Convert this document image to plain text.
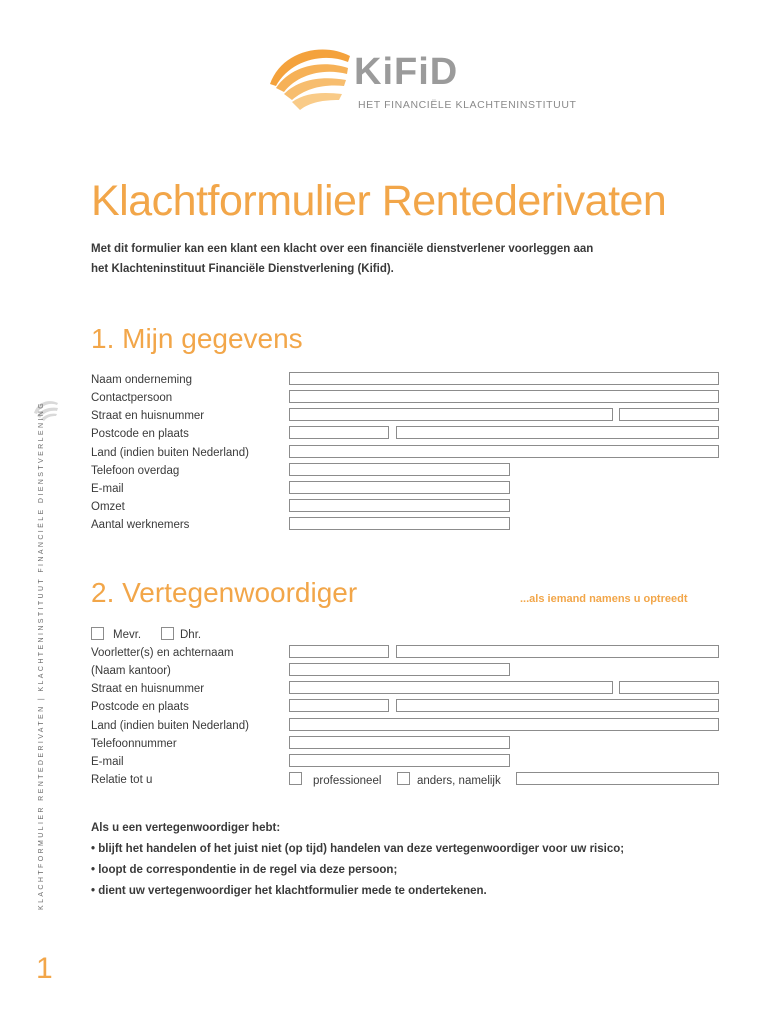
KiFiD
HET FINANCIËLE KLACHTENINSTITUUT
Klachtformulier Rentederivaten
Met dit formulier kan een klant een klacht over een financiële dienstverlener voorleggen aan
het Klachteninstituut Financiële Dienstverlening (Kifid).
1. Mijn gegevens
Naam onderneming
Contactpersoon
Straat en huisnummer
Postcode en plaats
Land (indien buiten Nederland)
Telefoon overdag
E-mail
Omzet
Aantal werknemers
2. Vertegenwoordiger	...als iemand namens u optreedt
Mevr.	Dhr.
Voorletter(s) en achternaam
(Naam kantoor)
Straat en huisnummer
Postcode en plaats
Land (indien buiten Nederland)
Telefoonnummer
E-mail
Relatie tot u	professioneel	anders, namelijk
Als u een vertegenwoordiger hebt:
• blijft het handelen of het juist niet (op tijd) handelen van deze vertegenwoordiger voor uw risico;
• loopt de correspondentie in de regel via deze persoon;
• dient uw vertegenwoordiger het klachtformulier mede te ondertekenen.
KLACHTFORMULIER RENTEDERIVATEN | KLACHTENINSTITUUT FINANCIËLE DIENSTVERLENING
1
